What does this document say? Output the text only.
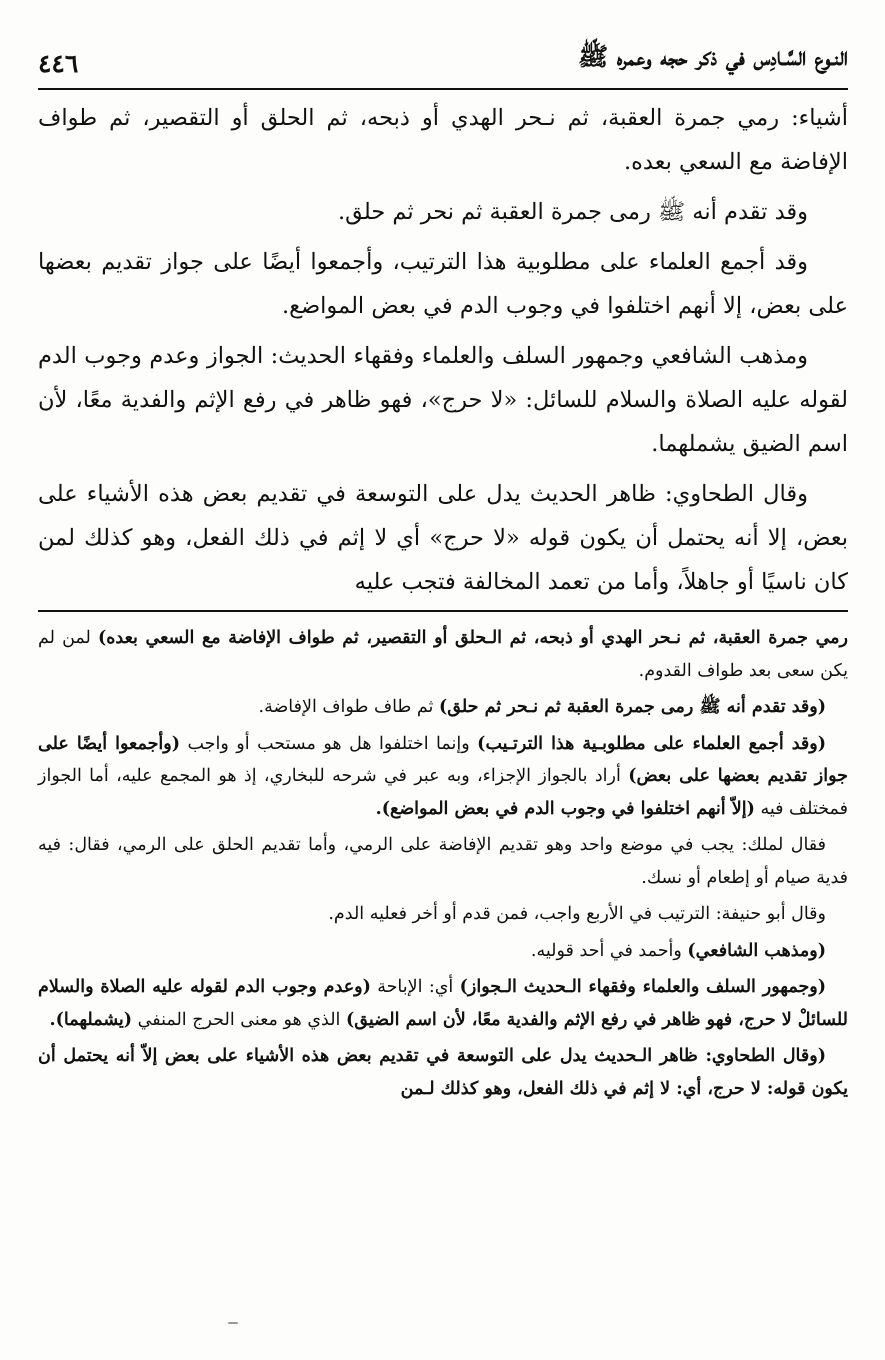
النـوع السَّـادِس في ذكر حجه وعمره ﷺ
٤٤٦

أشياء: رمي جمرة العقبة، ثم نـحر الهدي أو ذبحه، ثم الحلق أو التقصير، ثم طواف الإفاضة مع السعي بعده.

وقد تقدم أنه ﷺ رمى جمرة العقبة ثم نحر ثم حلق.

وقد أجمع العلماء على مطلوبية هذا الترتيب، وأجمعوا أيضًا على جواز تقديم بعضها على بعض، إلا أنهم اختلفوا في وجوب الدم في بعض المواضع.

ومذهب الشافعي وجمهور السلف والعلماء وفقهاء الحديث: الجواز وعدم وجوب الدم لقوله عليه الصلاة والسلام للسائل: «لا حرج»، فهو ظاهر في رفع الإثم والفدية معًا، لأن اسم الضيق يشملهما.

وقال الطحاوي: ظاهر الحديث يدل على التوسعة في تقديم بعض هذه الأشياء على بعض، إلا أنه يحتمل أن يكون قوله «لا حرج» أي لا إثم في ذلك الفعل، وهو كذلك لمن كان ناسيًا أو جاهلاً، وأما من تعمد المخالفة فتجب عليه

رمي جمرة العقبة، ثم نـحر الهدي أو ذبحه، ثم الـحلق أو التقصير، ثم طواف الإفاضة مع السعي بعده) لمن لم يكن سعى بعد طواف القدوم.

(وقد تقدم أنه ﷺ رمى جمرة العقبة ثم نـحر ثم حلق) ثم طاف طواف الإفاضة.

(وقد أجمع العلماء على مطلوبـية هذا الترتـيب) وإنما اختلفوا هل هو مستحب أو واجب (وأجمعوا أيضًا على جواز تقديم بعضها على بعض) أراد بالجواز الإجزاء، وبه عبر في شرحه للبخاري، إذ هو المجمع عليه، أما الجواز فمختلف فيه (إلاّ أنهم اختلفوا في وجوب الدم في بعض المواضع).

فقال لملك: يجب في موضع واحد وهو تقديم الإفاضة على الرمي، وأما تقديم الحلق على الرمي، فقال: فيه فدية صيام أو إطعام أو نسك.

وقال أبو حنيفة: الترتيب في الأربع واجب، فمن قدم أو أخر فعليه الدم.

(ومذهب الشافعي) وأحمد في أحد قوليه.

(وجمهور السلف والعلماء وفقهاء الـحديث الـجواز) أي: الإباحة (وعدم وجوب الدم لقوله عليه الصلاة والسلام للسائلْ لا حرج، فهو ظاهر في رفع الإثم والفدية معًا، لأن اسم الضيق) الذي هو معنى الحرج المنفي (يشملهما).

(وقال الطحاوي: ظاهر الـحديث يدل على التوسعة في تقديم بعض هذه الأشياء على بعض إلاّ أنه يحتمل أن يكون قوله: لا حرج، أي: لا إثم في ذلك الفعل، وهو كذلك لـمن
